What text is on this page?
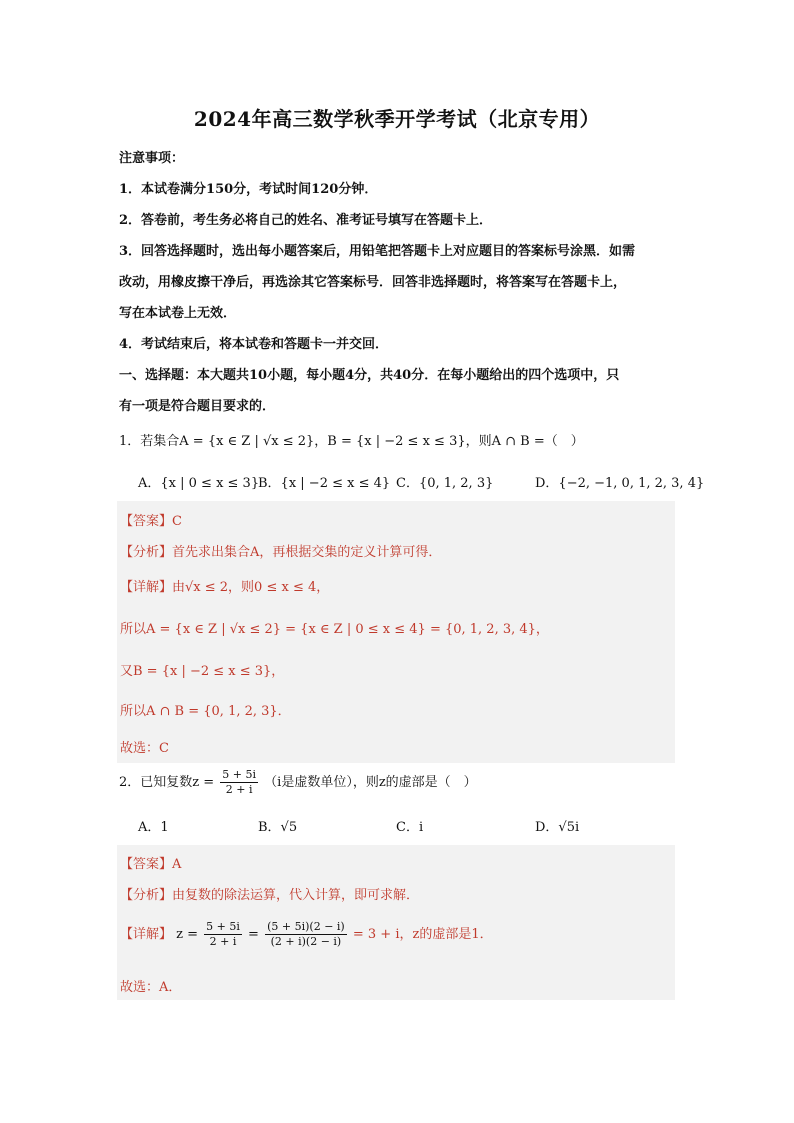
2024年高三数学秋季开学考试（北京专用）
注意事项：
1．本试卷满分150分，考试时间120分钟．
2．答卷前，考生务必将自己的姓名、准考证号填写在答题卡上．
3．回答选择题时，选出每小题答案后，用铅笔把答题卡上对应题目的答案标号涂黑．如需
改动，用橡皮擦干净后，再选涂其它答案标号．回答非选择题时，将答案写在答题卡上，
写在本试卷上无效．
4．考试结束后，将本试卷和答题卡一并交回．
一、选择题：本大题共10小题，每小题4分，共40分．在每小题给出的四个选项中，只
有一项是符合题目要求的．
1．若集合A = {x ∈ Z | √x ≤ 2}，B = {x | −2 ≤ x ≤ 3}，则A ∩ B =（　）
A．{x | 0 ≤ x ≤ 3}
B．{x | −2 ≤ x ≤ 4} C．{0, 1, 2, 3}	D．{−2, −1, 0, 1, 2, 3, 4}
【答案】C
【分析】首先求出集合A，再根据交集的定义计算可得．
【详解】由√x ≤ 2，则0 ≤ x ≤ 4，
所以A = {x ∈ Z | √x ≤ 2} = {x ∈ Z | 0 ≤ x ≤ 4} = {0, 1, 2, 3, 4}，
又B = {x | −2 ≤ x ≤ 3}，
所以A ∩ B = {0, 1, 2, 3}．
故选：C
2．已知复数$z = \frac{5 + 5i}{2 + i} (i$是虚数单位），则z的虚部是（　）
A．1	B．√5	C．i	D．√5i
【答案】A
【分析】由复数的除法运算，代入计算，即可求解．
【详解】 $z = \frac{5 + 5i}{2 + i} = \frac{(5 + 5i)(2 - i)}{(2 + i)(2 - i)} = 3 + i$，z的虚部是1．
故选：A．
